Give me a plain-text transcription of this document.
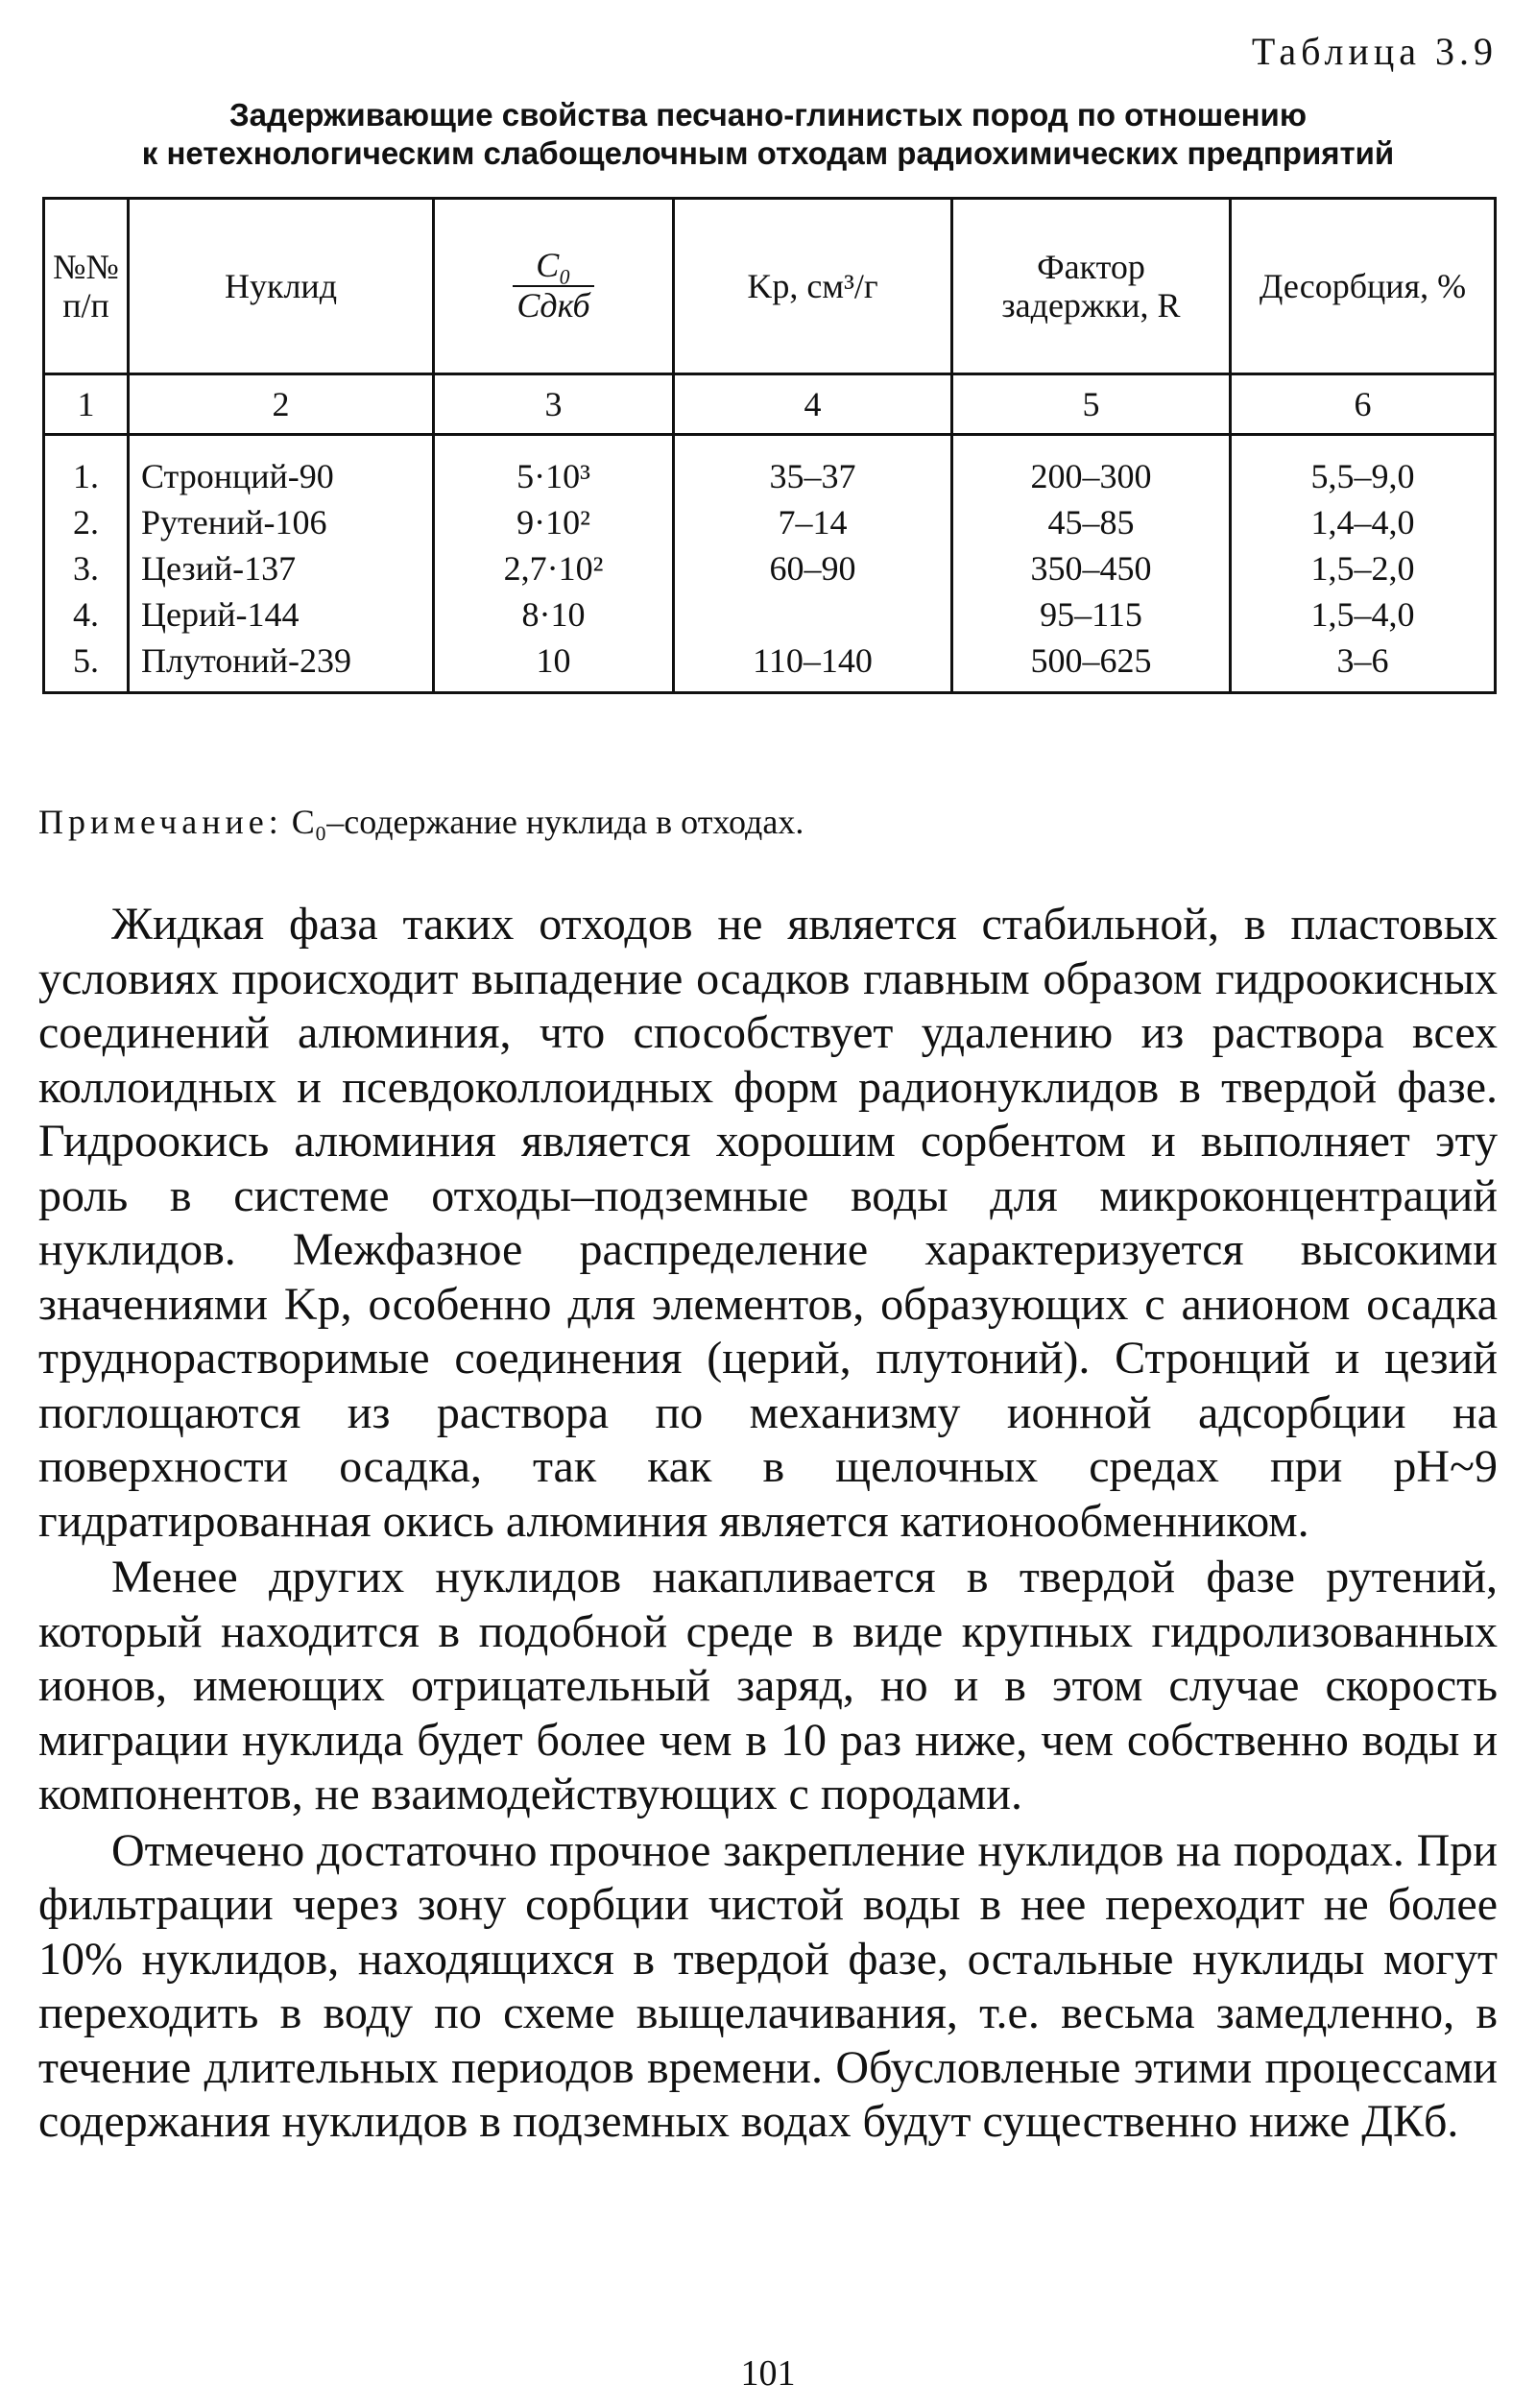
Таблица 3.9
Задерживающие свойства песчано-глинистых пород по отношению
к нетехнологическим слабощелочным отходам радиохимических предприятий
№№ п/п	Нуклид	$\frac{\text{C₀}}{\text{Cдкб}}$	Kр, см³/г	Фактор задержки, R	Десорбция, %
1	2	3	4	5	6
1.	Стронций-90	5·10³	35–37	200–300	5,5–9,0
2.	Рутений-106	9·10²	7–14	45–85	1,4–4,0
3.	Цезий-137	2,7·10²	60–90	350–450	1,5–2,0
4.	Церий-144	8·10		95–115	1,5–4,0
5.	Плутоний-239	10	110–140	500–625	3–6
Примечание: C₀–содержание нуклида в отходах.

Жидкая фаза таких отходов не является стабильной, в пластовых условиях происходит выпадение осадков главным образом гидроокисных соединений алюминия, что способствует удалению из раствора всех коллоидных и псевдоколлоидных форм радионуклидов в твердой фазе. Гидроокись алюминия является хорошим сорбентом и выполняет эту роль в системе отходы–подземные воды для микроконцентраций нуклидов. Межфазное распределение характеризуется высокими значениями Kр, особенно для элементов, образующих с анионом осадка труднорастворимые соединения (церий, плутоний). Стронций и цезий поглощаются из раствора по механизму ионной адсорбции на поверхности осадка, так как в щелочных средах при pH~9 гидратированная окись алюминия является катионообменником.

Менее других нуклидов накапливается в твердой фазе рутений, который находится в подобной среде в виде крупных гидролизованных ионов, имеющих отрицательный заряд, но и в этом случае скорость миграции нуклида будет более чем в 10 раз ниже, чем собственно воды и компонентов, не взаимодействующих с породами.

Отмечено достаточно прочное закрепление нуклидов на породах. При фильтрации через зону сорбции чистой воды в нее переходит не более 10% нуклидов, находящихся в твердой фазе, остальные нуклиды могут переходить в воду по схеме выщелачивания, т.е. весьма замедленно, в течение длительных периодов времени. Обусловленые этими процессами содержания нуклидов в подземных водах будут существенно ниже ДКб.

101
